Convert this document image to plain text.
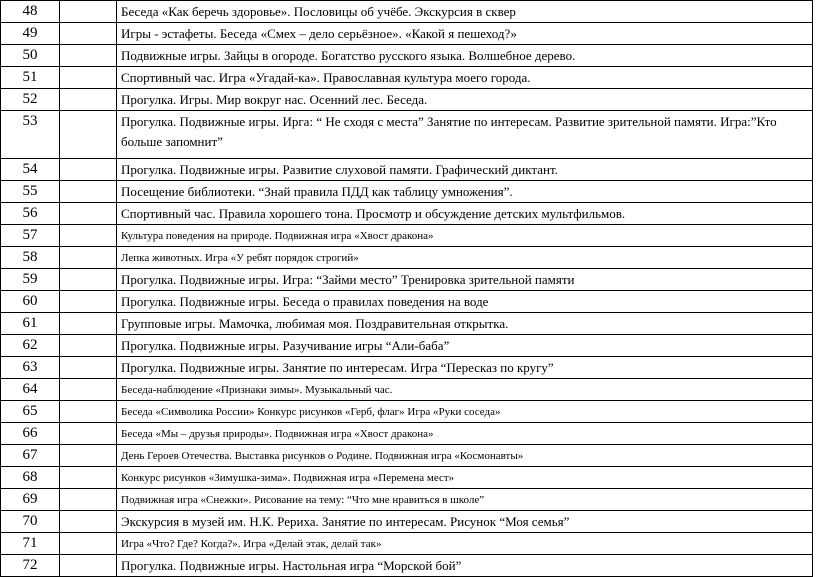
48		Беседа «Как беречь здоровье». Пословицы об учёбе. Экскурсия в сквер
49		Игры - эстафеты. Беседа «Смех – дело серьёзное». «Какой я пешеход?»
50		Подвижные игры. Зайцы в огороде. Богатство русского языка. Волшебное дерево.
51		Спортивный час. Игра «Угадай-ка». Православная культура моего города.
52		Прогулка. Игры. Мир вокруг нас. Осенний лес. Беседа.
53		Прогулка. Подвижные игры. Ирга: “ Не сходя с места” Занятие по интересам. Развитие зрительной памяти. Игра:”Кто больше запомнит”
54		Прогулка. Подвижные игры. Развитие слуховой памяти. Графический диктант.
55		Посещение библиотеки. “Знай правила ПДД как таблицу умножения”.
56		Спортивный час. Правила хорошего тона. Просмотр и обсуждение детских мультфильмов.
57		Культура поведения на природе. Подвижная игра «Хвост дракона»
58		Лепка животных. Игра «У ребят порядок строгий»
59		Прогулка. Подвижные игры. Игра: “Займи место” Тренировка зрительной памяти
60		Прогулка. Подвижные игры. Беседа о правилах поведения на воде
61		Групповые игры. Мамочка, любимая моя. Поздравительная открытка.
62		Прогулка. Подвижные игры. Разучивание игры “Али-баба”
63		Прогулка. Подвижные игры. Занятие по интересам. Игра “Пересказ по кругу”
64		Беседа-наблюдение «Признаки зимы». Музыкальный час.
65		Беседа «Символика России» Конкурс рисунков «Герб, флаг» Игра «Руки соседа»
66		Беседа «Мы – друзья природы». Подвижная игра «Хвост дракона»
67		День Героев Отечества. Выставка рисунков о Родине. Подвижная игра «Космонавты»
68		Конкурс рисунков «Зимушка-зима». Подвижная игра «Перемена мест»
69		Подвижная игра «Снежки». Рисование на тему: “Что мне нравиться в школе”
70		Экскурсия в музей им. Н.К. Рериха. Занятие по интересам. Рисунок “Моя семья”
71		Игра «Что? Где? Когда?». Игра «Делай этак, делай так»
72		Прогулка. Подвижные игры. Настольная игра “Морской бой”
